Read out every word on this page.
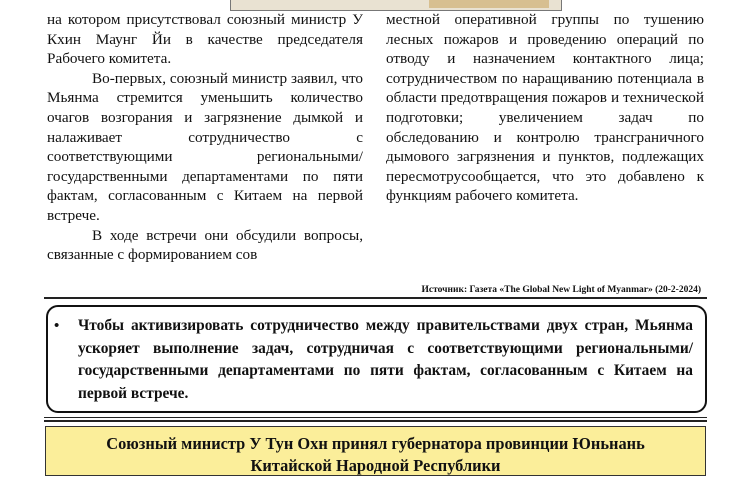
на котором присутствовал союзный министр У Кхин Маунг Йи в качестве председателя Рабочего комитета.

Во-первых, союзный министр заявил, что Мьянма стремится уменьшить количество очагов возгорания и загрязнение дымкой и налаживает сотрудничество с соответствующими региональными/государственными департаментами по пяти фактам, согласованным с Китаем на первой встрече.

В ходе встречи они обсудили вопросы, связанные с формированием сов

местной оперативной группы по тушению лесных пожаров и проведению операций по отводу и назначением контактного лица; сотрудничеством по наращиванию потенциала в области предотвращения пожаров и технической подготовки; увеличением задач по обследованию и контролю трансграничного дымового загрязнения и пунктов, подлежащих пересмотрусообщается, что это добавлено к функциям рабочего комитета.

Источник: Газета «The Global New Light of Myanmar» (20-2-2024)
• Чтобы активизировать сотрудничество между правительствами двух стран, Мьянма ускоряет выполнение задач, сотрудничая с соответствующими региональными/государственными департаментами по пяти фактам, согласованным с Китаем на первой встрече.
Союзный министр У Тун Охн принял губернатора провинции Юньнань
Китайской Народной Республики
